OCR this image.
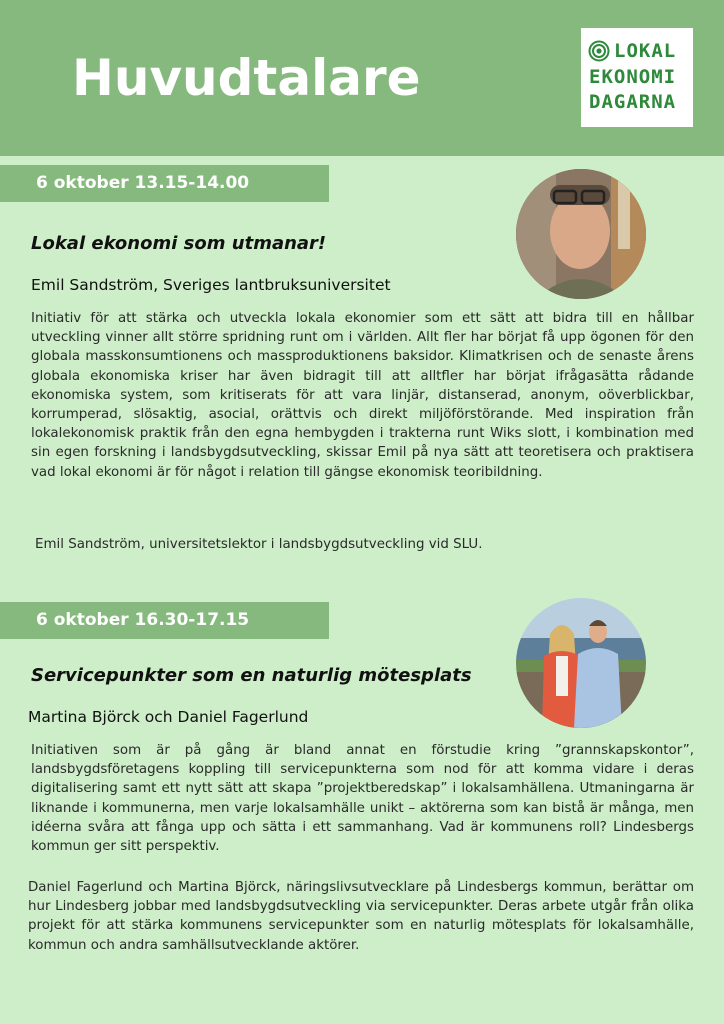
Huvudtalare	LOKAL
EKONOMI
DAGARNA
6 oktober 13.15-14.00
Lokal ekonomi som utmanar!
Emil Sandström, Sveriges lantbruksuniversitet

Initiativ för att stärka och utveckla lokala ekonomier som ett sätt att bidra till en hållbar utveckling vinner allt större spridning runt om i världen. Allt fler har börjat få upp ögonen för den globala masskonsumtionens och massproduktionens baksidor. Klimatkrisen och de senaste årens globala ekonomiska kriser har även bidragit till att alltfler har börjat ifrågasätta rådande ekonomiska system, som kritiserats för att vara linjär, distanserad, anonym, oöverblickbar, korrumperad, slösaktig, asocial, orättvis och direkt miljöförstörande. Med inspiration från lokalekonomisk praktik från den egna hembygden i trakterna runt Wiks slott, i kombination med sin egen forskning i landsbygdsutveckling, skissar Emil på nya sätt att teoretisera och praktisera vad lokal ekonomi är för något i relation till gängse ekonomisk teoribildning.

Emil Sandström, universitetslektor i landsbygdsutveckling vid SLU.
6 oktober 16.30-17.15
Servicepunkter som en naturlig mötesplats
Martina Björck och Daniel Fagerlund

Initiativen som är på gång är bland annat en förstudie kring ”grannskapskontor”, landsbygdsföretagens koppling till servicepunkterna som nod för att komma vidare i deras digitalisering samt ett nytt sätt att skapa ”projektberedskap” i lokalsamhällena. Utmaningarna är liknande i kommunerna, men varje lokalsamhälle unikt – aktörerna som kan bistå är många, men idéerna svåra att fånga upp och sätta i ett sammanhang. Vad är kommunens roll? Lindesbergs kommun ger sitt perspektiv.

Daniel Fagerlund och Martina Björck, näringslivsutvecklare på Lindesbergs kommun, berättar om hur Lindesberg jobbar med landsbygdsutveckling via servicepunkter. Deras arbete utgår från olika projekt för att stärka kommunens servicepunkter som en naturlig mötesplats för lokalsamhälle, kommun och andra samhällsutvecklande aktörer.
